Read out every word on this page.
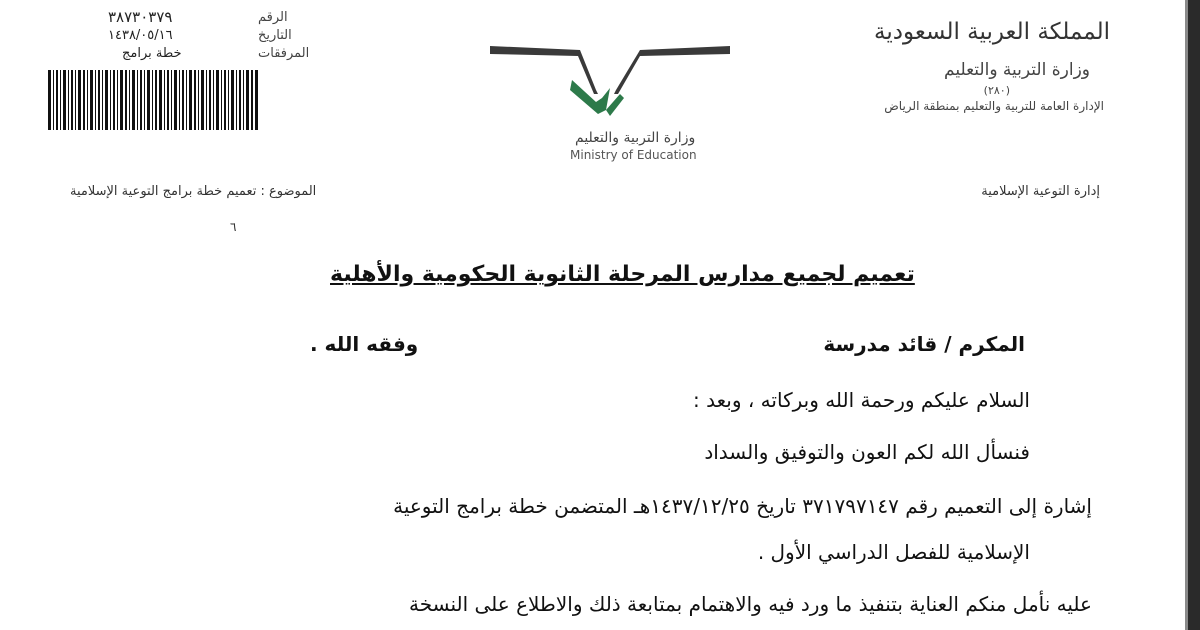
المملكة العربية السعودية
وزارة التربية والتعليم
(٢٨٠)
الإدارة العامة للتربية والتعليم بمنطقة الرياض
وزارة التربية والتعليم
Ministry of Education
الرقم
٣٨٧٣٠٣٧٩
التاريخ
١٤٣٨/٠٥/١٦
المرفقات
خطة برامج
إدارة التوعية الإسلامية
الموضوع : تعميم خطة برامج التوعية الإسلامية
٦
تعميم لجميع مدارس المرحلة الثانوية الحكومية والأهلية
المكرم / قائد مدرسة
وفقه الله .
السلام عليكم ورحمة الله وبركاته ، وبعد :
فنسأل الله لكم العون والتوفيق والسداد
إشارة إلى التعميم رقم ٣٧١٧٩٧١٤٧ تاريخ ١٤٣٧/١٢/٢٥هـ المتضمن خطة برامج التوعية
الإسلامية للفصل الدراسي الأول .
عليه نأمل منكم العناية بتنفيذ ما ورد فيه والاهتمام بمتابعة ذلك والاطلاع على النسخة
